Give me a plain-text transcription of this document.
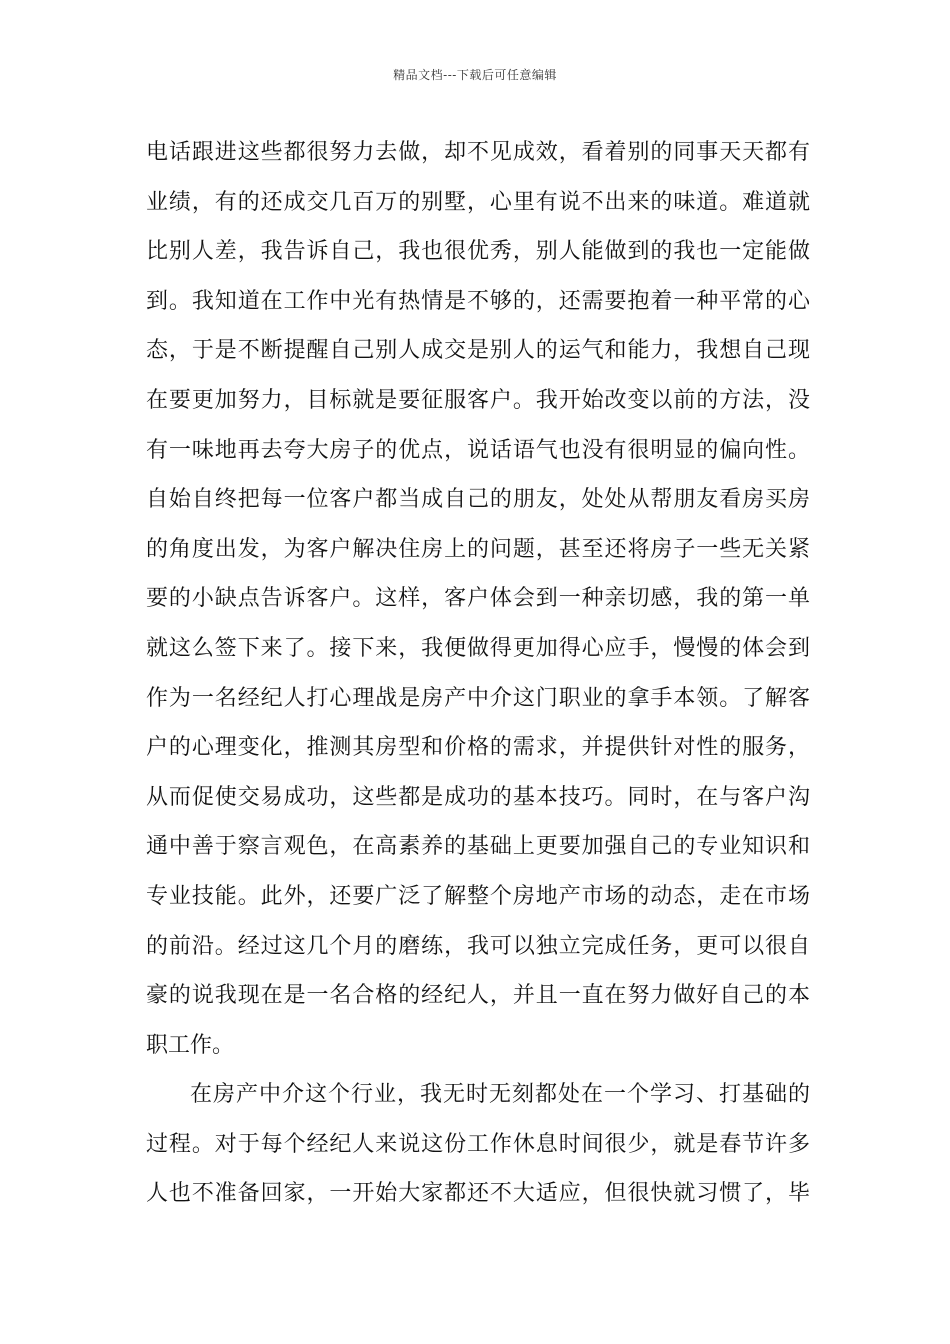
精品文档---下载后可任意编辑
电话跟进这些都很努力去做，却不见成效，看着别的同事天天都有
业绩，有的还成交几百万的别墅，心里有说不出来的味道。难道就
比别人差，我告诉自己，我也很优秀，别人能做到的我也一定能做
到。我知道在工作中光有热情是不够的，还需要抱着一种平常的心
态，于是不断提醒自己别人成交是别人的运气和能力，我想自己现
在要更加努力，目标就是要征服客户。我开始改变以前的方法，没
有一味地再去夸大房子的优点，说话语气也没有很明显的偏向性。
自始自终把每一位客户都当成自己的朋友，处处从帮朋友看房买房
的角度出发，为客户解决住房上的问题，甚至还将房子一些无关紧
要的小缺点告诉客户。这样，客户体会到一种亲切感，我的第一单
就这么签下来了。接下来，我便做得更加得心应手，慢慢的体会到
作为一名经纪人打心理战是房产中介这门职业的拿手本领。了解客
户的心理变化，推测其房型和价格的需求，并提供针对性的服务，
从而促使交易成功，这些都是成功的基本技巧。同时，在与客户沟
通中善于察言观色，在高素养的基础上更要加强自己的专业知识和
专业技能。此外，还要广泛了解整个房地产市场的动态，走在市场
的前沿。经过这几个月的磨练，我可以独立完成任务，更可以很自
豪的说我现在是一名合格的经纪人，并且一直在努力做好自己的本
职工作。
在房产中介这个行业，我无时无刻都处在一个学习、打基础的
过程。对于每个经纪人来说这份工作休息时间很少，就是春节许多
人也不准备回家，一开始大家都还不大适应，但很快就习惯了，毕
